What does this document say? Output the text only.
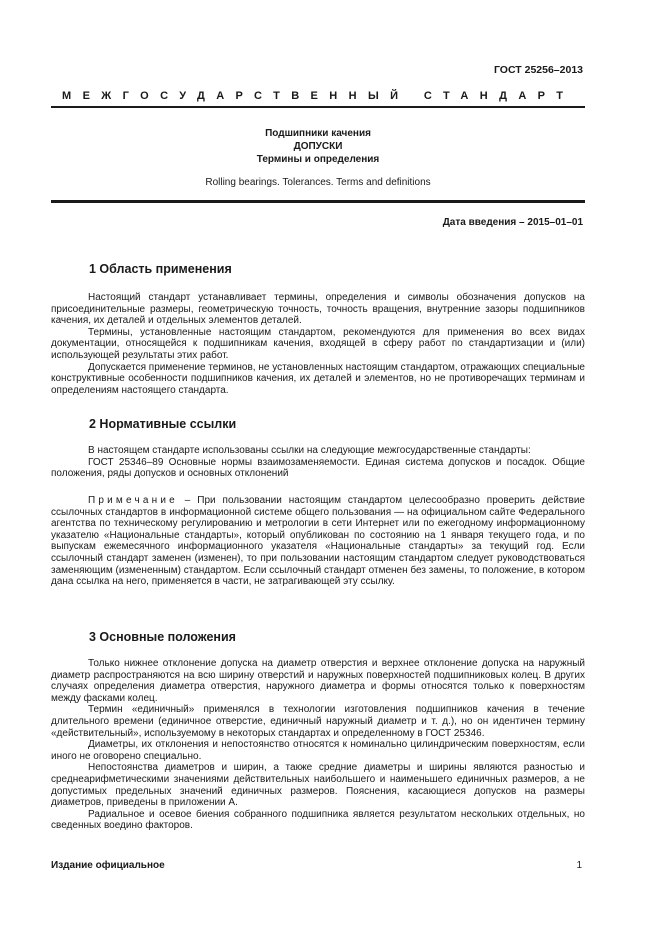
ГОСТ 25256–2013
МЕЖГОСУДАРСТВЕННЫЙ СТАНДАРТ
Подшипники качения
ДОПУСКИ
Термины и определения
Rolling bearings. Tolerances. Terms and definitions
Дата введения – 2015–01–01
1 Область применения

Настоящий стандарт устанавливает термины, определения и символы обозначения допусков на присоединительные размеры, геометрическую точность, точность вращения, внутренние зазоры подшипников качения, их деталей и отдельных элементов деталей.

Термины, установленные настоящим стандартом, рекомендуются для применения во всех видах документации, относящейся к подшипникам качения, входящей в сферу работ по стандартизации и (или) использующей результаты этих работ.

Допускается применение терминов, не установленных настоящим стандартом, отражающих специальные конструктивные особенности подшипников качения, их деталей и элементов, но не противоречащих терминам и определениям настоящего стандарта.

2 Нормативные ссылки

В настоящем стандарте использованы ссылки на следующие межгосударственные стандарты:

ГОСТ 25346–89 Основные нормы взаимозаменяемости. Единая система допусков и посадок. Общие положения, ряды допусков и основных отклонений

Примечание – При пользовании настоящим стандартом целесообразно проверить действие ссылочных стандартов в информационной системе общего пользования — на официальном сайте Федерального агентства по техническому регулированию и метрологии в сети Интернет или по ежегодному информационному указателю «Национальные стандарты», который опубликован по состоянию на 1 января текущего года, и по выпускам ежемесячного информационного указателя «Национальные стандарты» за текущий год. Если ссылочный стандарт заменен (изменен), то при пользовании настоящим стандартом следует руководствоваться заменяющим (измененным) стандартом. Если ссылочный стандарт отменен без замены, то положение, в котором дана ссылка на него, применяется в части, не затрагивающей эту ссылку.

3 Основные положения

Только нижнее отклонение допуска на диаметр отверстия и верхнее отклонение допуска на наружный диаметр распространяются на всю ширину отверстий и наружных поверхностей подшипниковых колец. В других случаях определения диаметра отверстия, наружного диаметра и формы относятся только к поверхностям между фасками колец.

Термин «единичный» применялся в технологии изготовления подшипников качения в течение длительного времени (единичное отверстие, единичный наружный диаметр и т. д.), но он идентичен термину «действительный», используемому в некоторых стандартах и определенному в ГОСТ 25346.

Диаметры, их отклонения и непостоянство относятся к номинально цилиндрическим поверхностям, если иного не оговорено специально.

Непостоянства диаметров и ширин, а также средние диаметры и ширины являются разностью и среднеарифметическими значениями действительных наибольшего и наименьшего единичных размеров, а не допустимых предельных значений единичных размеров. Пояснения, касающиеся допусков на размеры диаметров, приведены в приложении А.

Радиальное и осевое биения собранного подшипника является результатом нескольких отдельных, но сведенных воедино факторов.

Издание официальное	1
